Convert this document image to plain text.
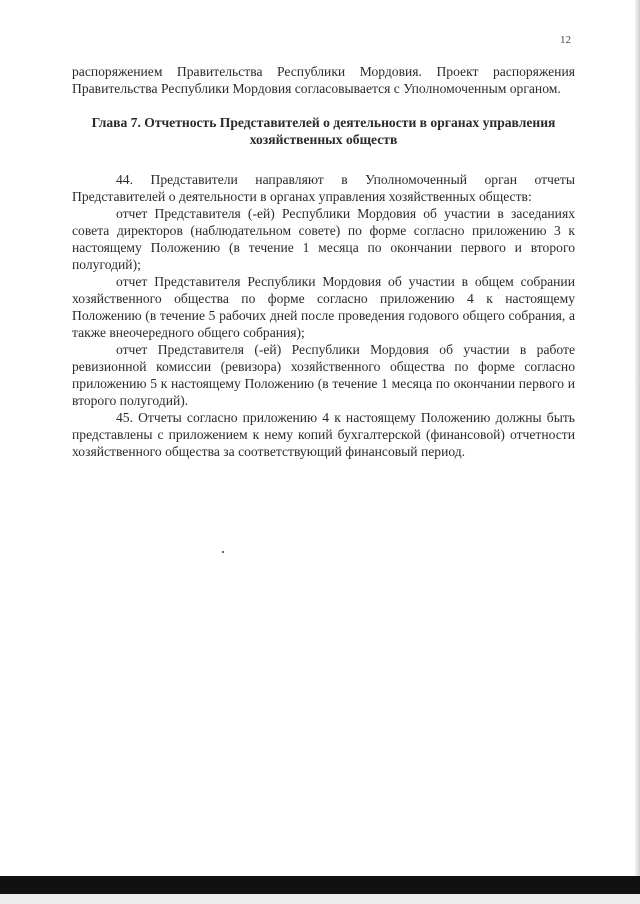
12

распоряжением Правительства Республики Мордовия. Проект распоряжения Правительства Республики Мордовия согласовывается с Уполномоченным органом.

Глава 7. Отчетность Представителей о деятельности в органах управления хозяйственных обществ

44. Представители направляют в Уполномоченный орган отчеты Представителей о деятельности в органах управления хозяйственных обществ:

отчет Представителя (-ей) Республики Мордовия об участии в заседаниях совета директоров (наблюдательном совете) по форме согласно приложению 3 к настоящему Положению (в течение 1 месяца по окончании первого и второго полугодий);

отчет Представителя Республики Мордовия об участии в общем собрании хозяйственного общества по форме согласно приложению 4 к настоящему Положению (в течение 5 рабочих дней после проведения годового общего собрания, а также внеочередного общего собрания);

отчет Представителя (-ей) Республики Мордовия об участии в работе ревизионной комиссии (ревизора) хозяйственного общества по форме согласно приложению 5 к настоящему Положению (в течение 1 месяца по окончании первого и второго полугодий).

45. Отчеты согласно приложению 4 к настоящему Положению должны быть представлены с приложением к нему копий бухгалтерской (финансовой) отчетности хозяйственного общества за соответствующий финансовый период.
